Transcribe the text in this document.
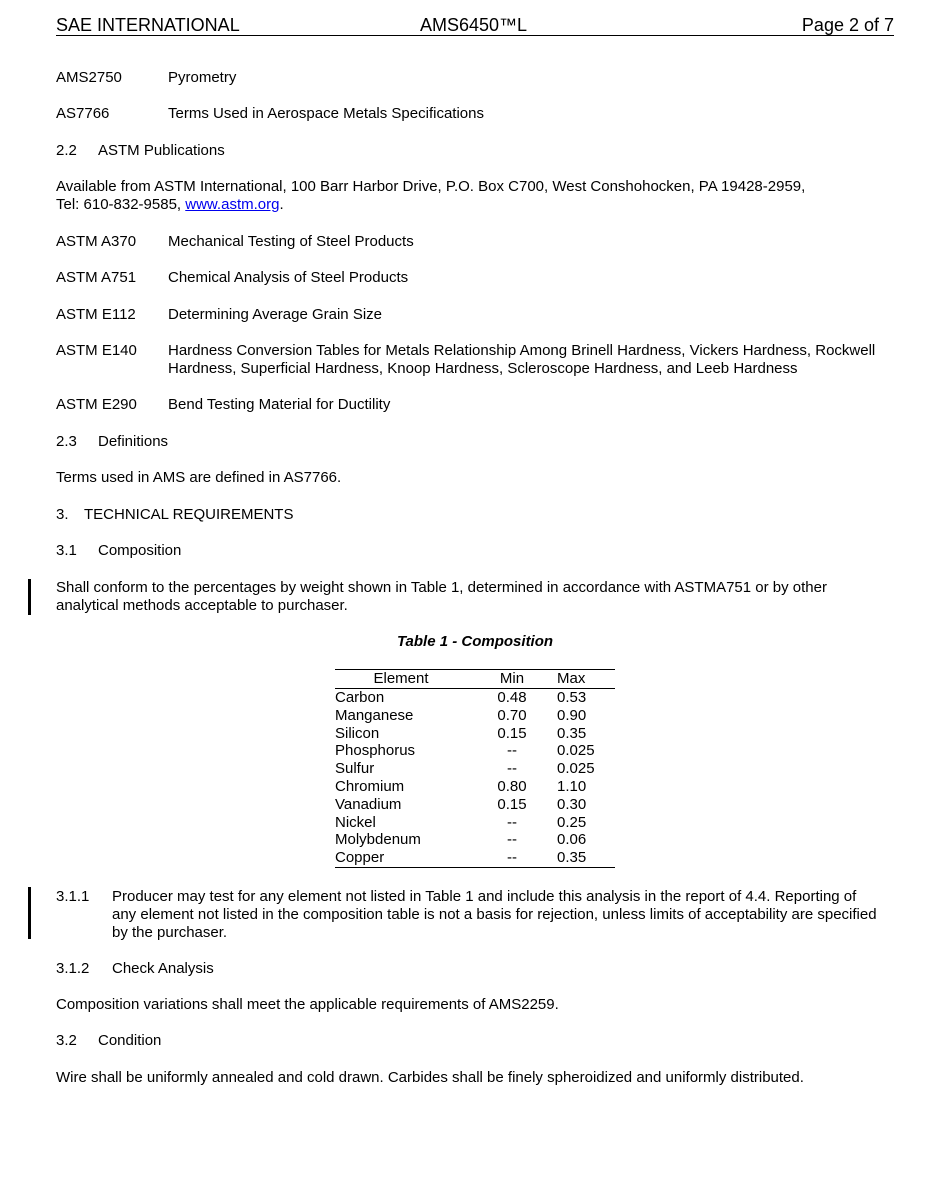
SAE INTERNATIONAL	AMS6450™L	Page 2 of 7
AMS2750	Pyrometry
AS7766	Terms Used in Aerospace Metals Specifications
2.2 ASTM Publications
Available from ASTM International, 100 Barr Harbor Drive, P.O. Box C700, West Conshohocken, PA 19428-2959,
Tel: 610-832-9585, www.astm.org.
ASTM A370 Mechanical Testing of Steel Products
ASTM A751 Chemical Analysis of Steel Products
ASTM E112 Determining Average Grain Size
ASTM E140	Hardness Conversion Tables for Metals Relationship Among Brinell Hardness, Vickers Hardness, Rockwell
Hardness, Superficial Hardness, Knoop Hardness, Scleroscope Hardness, and Leeb Hardness
ASTM E290 Bend Testing Material for Ductility
2.3 Definitions
Terms used in AMS are defined in AS7766.
3. TECHNICAL REQUIREMENTS
3.1 Composition
Shall conform to the percentages by weight shown in Table 1, determined in accordance with ASTMA751 or by other
analytical methods acceptable to purchaser.
Table 1 - Composition
Element	Min	Max
Carbon	0.48	0.53
Manganese	0.70	0.90
Silicon	0.15	0.35
Phosphorus	--	0.025
Sulfur	--	0.025
Chromium	0.80	1.10
Vanadium	0.15	0.30
Nickel	--	0.25
Molybdenum	--	0.06
Copper	--	0.35
3.1.1	Producer may test for any element not listed in Table 1 and include this analysis in the report of 4.4. Reporting of
any element not listed in the composition table is not a basis for rejection, unless limits of acceptability are specified
by the purchaser.
3.1.2 Check Analysis
Composition variations shall meet the applicable requirements of AMS2259.
3.2 Condition
Wire shall be uniformly annealed and cold drawn. Carbides shall be finely spheroidized and uniformly distributed.
